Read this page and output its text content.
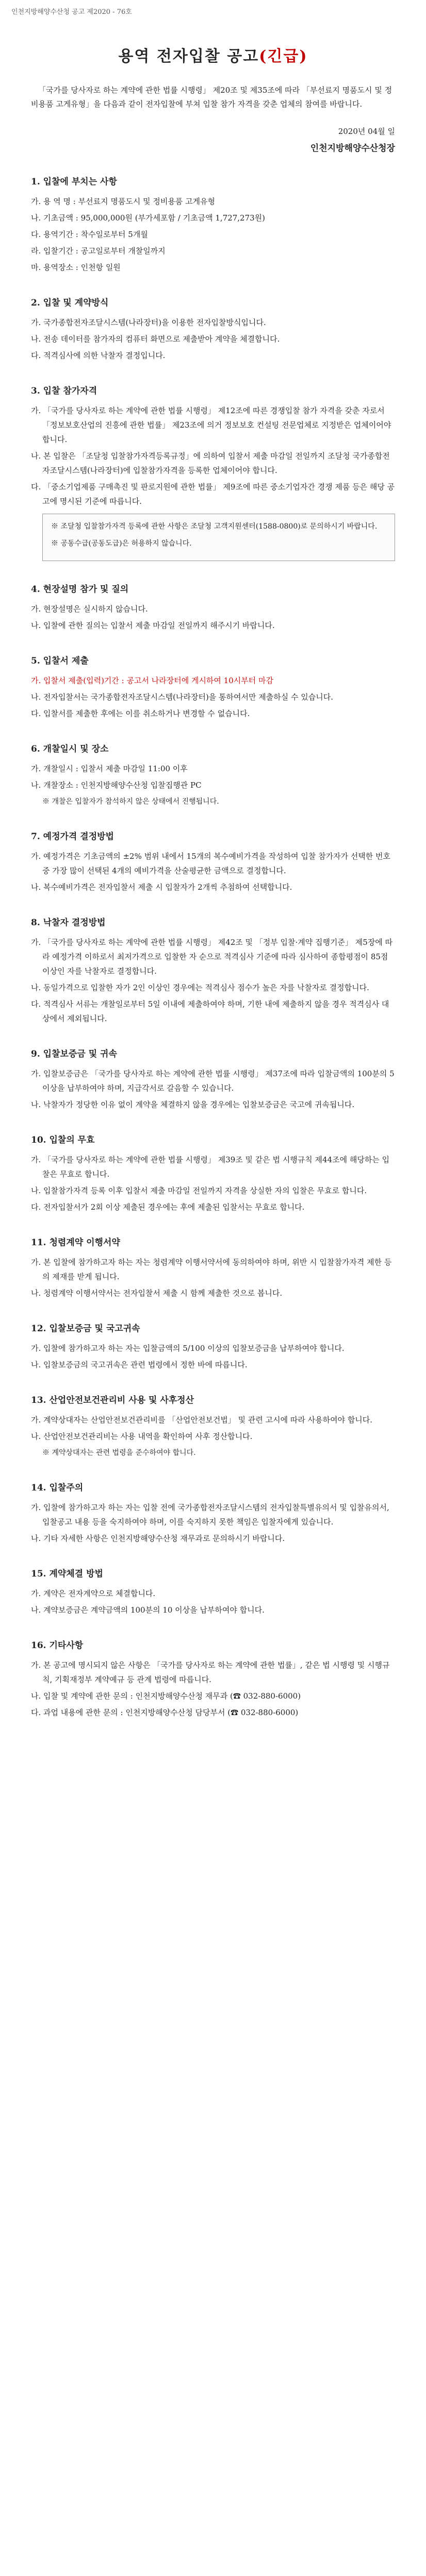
인천지방해양수산청 공고 제2020 - 76호
용역 전자입찰 공고(긴급)

「국가를 당사자로 하는 계약에 관한 법률 시행령」 제20조 및 제35조에 따라 「부선료지 명품도시 및 정비용품 고게유형」을 다음과 같이 전자입찰에 부쳐 입찰 참가 자격을 갖춘 업체의 참여를 바랍니다.

2020년 04월 일
인천지방해양수산청장
1. 입찰에 부치는 사항
가. 용 역 명 : 부선료지 명품도시 및 정비용품 고게유형
나. 기초금액 : 95,000,000원 (부가세포함 / 기초금액 1,727,273원)
다. 용역기간 : 착수일로부터 5개월
라. 입찰기간 : 공고일로부터 개찰일까지
마. 용역장소 : 인천항 일원
2. 입찰 및 계약방식
가. 국가종합전자조달시스템(나라장터)을 이용한 전자입찰방식입니다.
나. 전송 데이터를 참가자의 컴퓨터 화면으로 제출받아 계약을 체결합니다.
다. 적격심사에 의한 낙찰자 결정입니다.
3. 입찰 참가자격
가. 「국가를 당사자로 하는 계약에 관한 법률 시행령」 제12조에 따른 경쟁입찰 참가 자격을 갖춘 자로서 「정보보호산업의 진흥에 관한 법률」 제23조에 의거 정보보호 컨설팅 전문업체로 지정받은 업체이어야 합니다.
나. 본 입찰은 「조달청 입찰참가자격등록규정」에 의하여 입찰서 제출 마감일 전일까지 조달청 국가종합전자조달시스템(나라장터)에 입찰참가자격을 등록한 업체이어야 합니다.
다. 「중소기업제품 구매촉진 및 판로지원에 관한 법률」 제9조에 따른 중소기업자간 경쟁 제품 등은 해당 공고에 명시된 기준에 따릅니다.

※ 조달청 입찰참가자격 등록에 관한 사항은 조달청 고객지원센터(1588-0800)로 문의하시기 바랍니다.

※ 공동수급(공동도급)은 허용하지 않습니다.

4. 현장설명 참가 및 질의
가. 현장설명은 실시하지 않습니다.
나. 입찰에 관한 질의는 입찰서 제출 마감일 전일까지 해주시기 바랍니다.
5. 입찰서 제출
가. 입찰서 제출(입력)기간 : 공고서 나라장터에 게시하여 10시부터 마감
나. 전자입찰서는 국가종합전자조달시스템(나라장터)을 통하여서만 제출하실 수 있습니다.
다. 입찰서를 제출한 후에는 이를 취소하거나 변경할 수 없습니다.
6. 개찰일시 및 장소
가. 개찰일시 : 입찰서 제출 마감일 11:00 이후
나. 개찰장소 : 인천지방해양수산청 입찰집행관 PC

※ 개찰은 입찰자가 참석하지 않은 상태에서 진행됩니다.

7. 예정가격 결정방법
가. 예정가격은 기초금액의 ±2% 범위 내에서 15개의 복수예비가격을 작성하여 입찰 참가자가 선택한 번호 중 가장 많이 선택된 4개의 예비가격을 산술평균한 금액으로 결정합니다.
나. 복수예비가격은 전자입찰서 제출 시 입찰자가 2개씩 추첨하여 선택합니다.
8. 낙찰자 결정방법
가. 「국가를 당사자로 하는 계약에 관한 법률 시행령」 제42조 및 「정부 입찰·계약 집행기준」 제5장에 따라 예정가격 이하로서 최저가격으로 입찰한 자 순으로 적격심사 기준에 따라 심사하여 종합평점이 85점 이상인 자를 낙찰자로 결정합니다.
나. 동일가격으로 입찰한 자가 2인 이상인 경우에는 적격심사 점수가 높은 자를 낙찰자로 결정합니다.
다. 적격심사 서류는 개찰일로부터 5일 이내에 제출하여야 하며, 기한 내에 제출하지 않을 경우 적격심사 대상에서 제외됩니다.
9. 입찰보증금 및 귀속
가. 입찰보증금은 「국가를 당사자로 하는 계약에 관한 법률 시행령」 제37조에 따라 입찰금액의 100분의 5 이상을 납부하여야 하며, 지급각서로 갈음할 수 있습니다.
나. 낙찰자가 정당한 이유 없이 계약을 체결하지 않을 경우에는 입찰보증금은 국고에 귀속됩니다.
10. 입찰의 무효
가. 「국가를 당사자로 하는 계약에 관한 법률 시행령」 제39조 및 같은 법 시행규칙 제44조에 해당하는 입찰은 무효로 합니다.
나. 입찰참가자격 등록 이후 입찰서 제출 마감일 전일까지 자격을 상실한 자의 입찰은 무효로 합니다.
다. 전자입찰서가 2회 이상 제출된 경우에는 후에 제출된 입찰서는 무효로 합니다.
11. 청렴계약 이행서약
가. 본 입찰에 참가하고자 하는 자는 청렴계약 이행서약서에 동의하여야 하며, 위반 시 입찰참가자격 제한 등의 제재를 받게 됩니다.
나. 청렴계약 이행서약서는 전자입찰서 제출 시 함께 제출한 것으로 봅니다.
12. 입찰보증금 및 국고귀속
가. 입찰에 참가하고자 하는 자는 입찰금액의 5/100 이상의 입찰보증금을 납부하여야 합니다.
나. 입찰보증금의 국고귀속은 관련 법령에서 정한 바에 따릅니다.
13. 산업안전보건관리비 사용 및 사후정산
가. 계약상대자는 산업안전보건관리비를 「산업안전보건법」 및 관련 고시에 따라 사용하여야 합니다.
나. 산업안전보건관리비는 사용 내역을 확인하여 사후 정산합니다.

※ 계약상대자는 관련 법령을 준수하여야 합니다.

14. 입찰주의
가. 입찰에 참가하고자 하는 자는 입찰 전에 국가종합전자조달시스템의 전자입찰특별유의서 및 입찰유의서, 입찰공고 내용 등을 숙지하여야 하며, 이를 숙지하지 못한 책임은 입찰자에게 있습니다.
나. 기타 자세한 사항은 인천지방해양수산청 재무과로 문의하시기 바랍니다.
15. 계약체결 방법
가. 계약은 전자계약으로 체결합니다.
나. 계약보증금은 계약금액의 100분의 10 이상을 납부하여야 합니다.
16. 기타사항
가. 본 공고에 명시되지 않은 사항은 「국가를 당사자로 하는 계약에 관한 법률」, 같은 법 시행령 및 시행규칙, 기획재정부 계약예규 등 관계 법령에 따릅니다.
나. 입찰 및 계약에 관한 문의 : 인천지방해양수산청 재무과 (☎ 032-880-6000)
다. 과업 내용에 관한 문의 : 인천지방해양수산청 담당부서 (☎ 032-880-6000)
